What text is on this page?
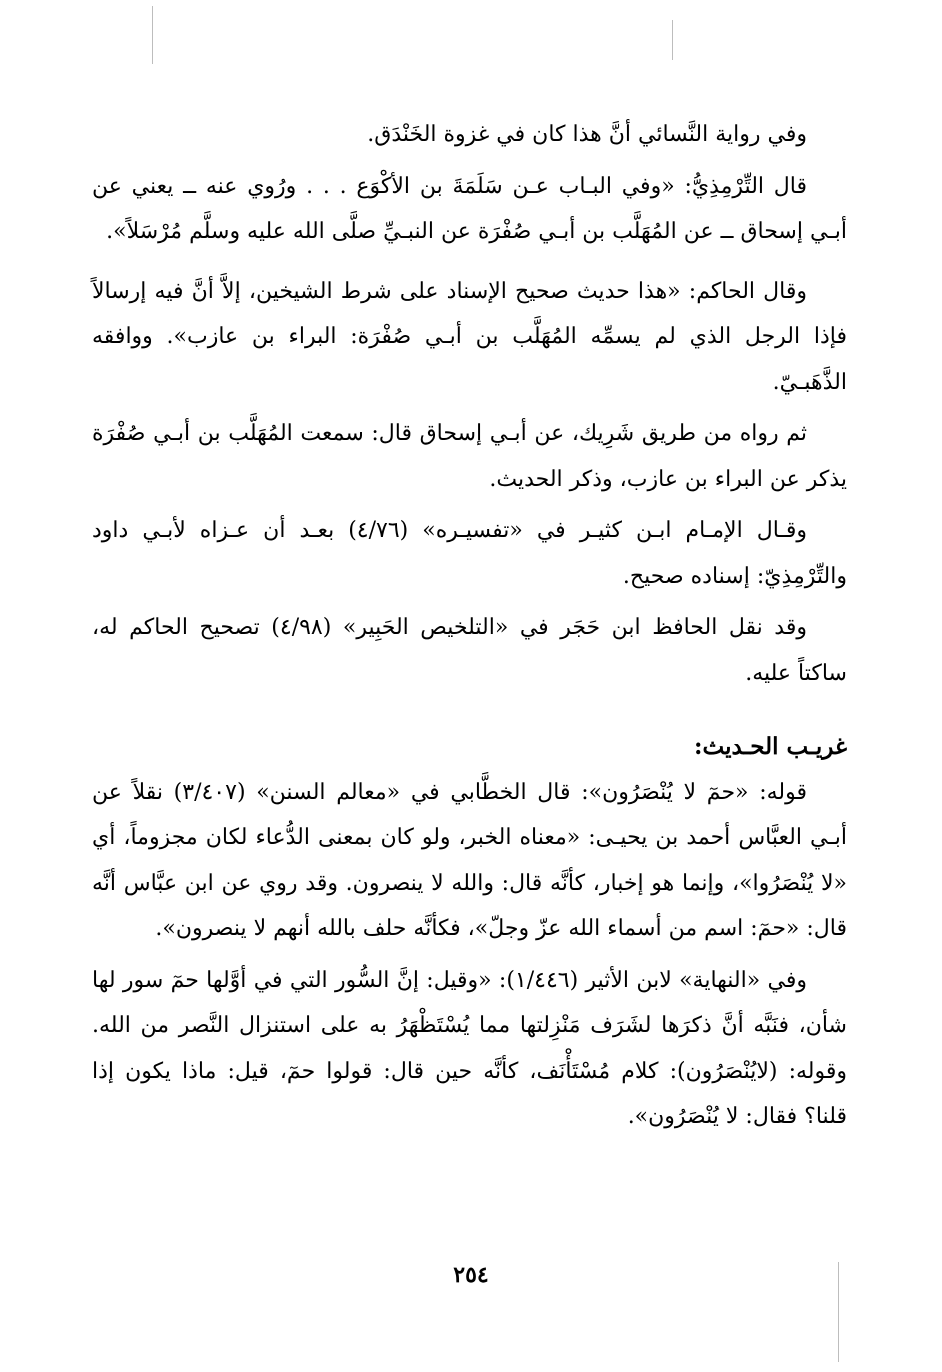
وفي رواية النَّسائي أنَّ هذا كان في غزوة الخَنْدَق.

قال التِّرْمِذِيُّ: «وفي البـاب عـن سَلَمَةَ بن الأكْوَع . . . ورُوي عنه ــ يعني عن أبـي إسحاق ــ عن المُهَلَّب بن أبـي صُفْرَة عن النبـيِّ صلَّى الله عليه وسلَّم مُرْسَلاً».

وقال الحاكم: «هذا حديث صحيح الإسناد على شرط الشيخين، إلاَّ أنَّ فيه إرسالاً فإذا الرجل الذي لم يسمِّه المُهَلَّب بن أبـي صُفْرَة: البراء بن عازب». ووافقه الذَّهَبـيّ.

ثم رواه من طريق شَرِيك، عن أبـي إسحاق قال: سمعت المُهَلَّب بن أبـي صُفْرَة يذكر عن البراء بن عازب، وذكر الحديث.

وقـال الإمـام ابـن كثيـر في «تفسيـره» (٤/٧٦) بعـد أن عـزاه لأبـي داود والتِّرْمِذِيّ: إسناده صحيح.

وقد نقل الحافظ ابن حَجَر في «التلخيص الحَبِير» (٤/٩٨) تصحيح الحاكم له، ساكتاً عليه.

غريـب الحـديث:

قوله: «حمٓ لا يُنْصَرُون»: قال الخطَّابي في «معالم السنن» (٣/٤٠٧) نقلاً عن أبـي العبَّاس أحمد بن يحيـى: «معناه الخبر، ولو كان بمعنى الدُّعاء لكان مجزوماً، أي «لا يُنْصَرُوا»، وإنما هو إخبار، كأنَّه قال: والله لا ينصرون. وقد روي عن ابن عبَّاس أنَّه قال: «حمٓ: اسم من أسماء الله عزّ وجلّ»، فكأنَّه حلف بالله أنهم لا ينصرون».

وفي «النهاية» لابن الأثير (١/٤٤٦): «وقيل: إنَّ السُّور التي في أوَّلها حمٓ سور لها شأن، فنَبَّه أنَّ ذكرَها لشَرَف مَنْزِلتها مما يُسْتَظْهَرُ به على استنزال النَّصر من الله. وقوله: (لايُنْصَرُون): كلام مُسْتَأْنَف، كأنَّه حين قال: قولوا حمٓ، قيل: ماذا يكون إذا قلنا؟ فقال: لا يُنْصَرُون».

٢٥٤
